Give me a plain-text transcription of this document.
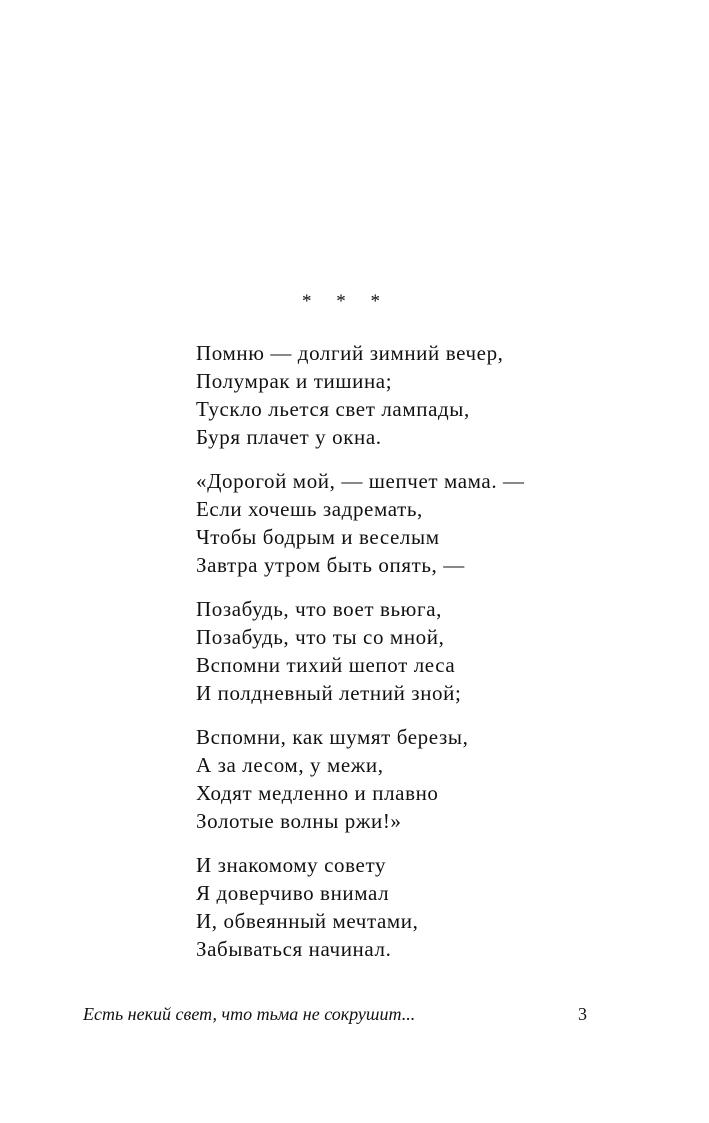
* * *
Помню — долгий зимний вечер,
Полумрак и тишина;
Тускло льется свет лампады,
Буря плачет у окна.
«Дорогой мой, — шепчет мама. —
Если хочешь задремать,
Чтобы бодрым и веселым
Завтра утром быть опять, —
Позабудь, что воет вьюга,
Позабудь, что ты со мной,
Вспомни тихий шепот леса
И полдневный летний зной;
Вспомни, как шумят березы,
А за лесом, у межи,
Ходят медленно и плавно
Золотые волны ржи!»
И знакомому совету
Я доверчиво внимал
И, обвеянный мечтами,
Забываться начинал.
Есть некий свет, что тьма не сокрушит...	3
